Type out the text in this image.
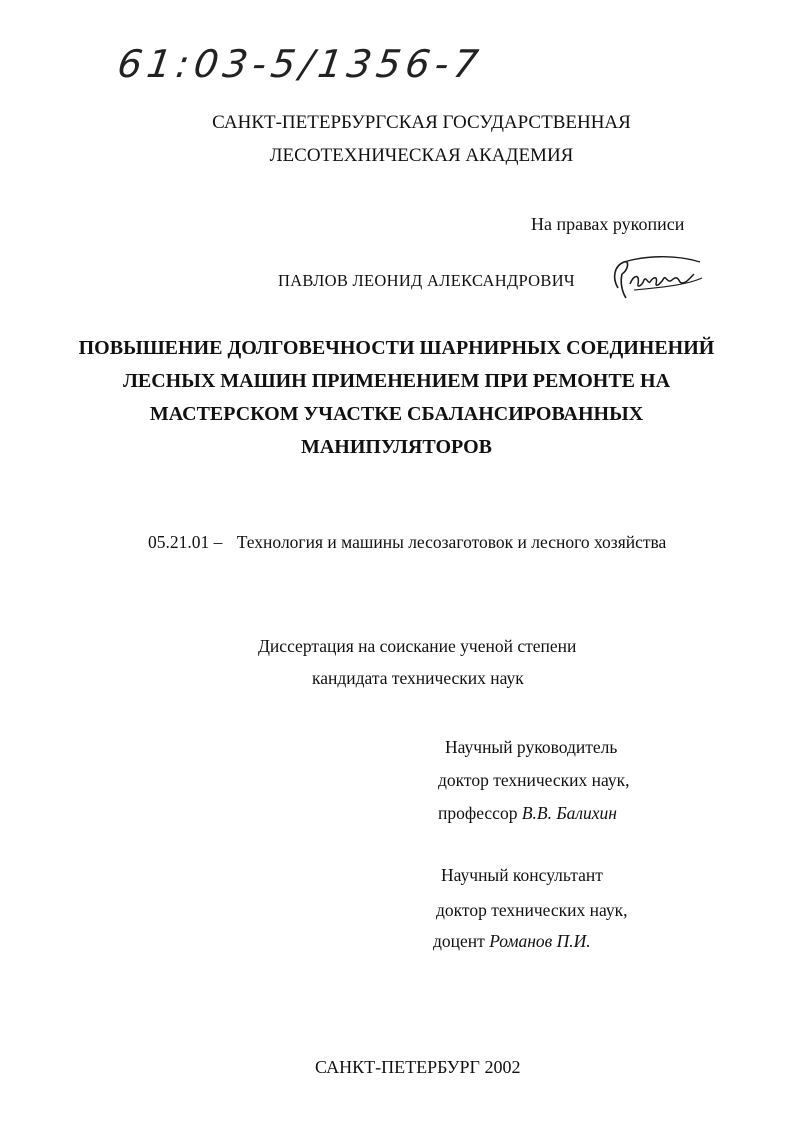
61:03-5/1356-7
САНКТ-ПЕТЕРБУРГСКАЯ ГОСУДАРСТВЕННАЯ
ЛЕСОТЕХНИЧЕСКАЯ АКАДЕМИЯ
На правах рукописи
ПАВЛОВ ЛЕОНИД АЛЕКСАНДРОВИЧ
ПОВЫШЕНИЕ ДОЛГОВЕЧНОСТИ ШАРНИРНЫХ СОЕДИНЕНИЙ
ЛЕСНЫХ МАШИН ПРИМЕНЕНИЕМ ПРИ РЕМОНТЕ НА
МАСТЕРСКОМ УЧАСТКЕ СБАЛАНСИРОВАННЫХ
МАНИПУЛЯТОРОВ
05.21.01 – Технология и машины лесозаготовок и лесного хозяйства
Диссертация на соискание ученой степени
кандидата технических наук
Научный руководитель
доктор технических наук,
профессор В.В. Балихин
Научный консультант
доктор технических наук,
доцент Романов П.И.
САНКТ-ПЕТЕРБУРГ 2002
